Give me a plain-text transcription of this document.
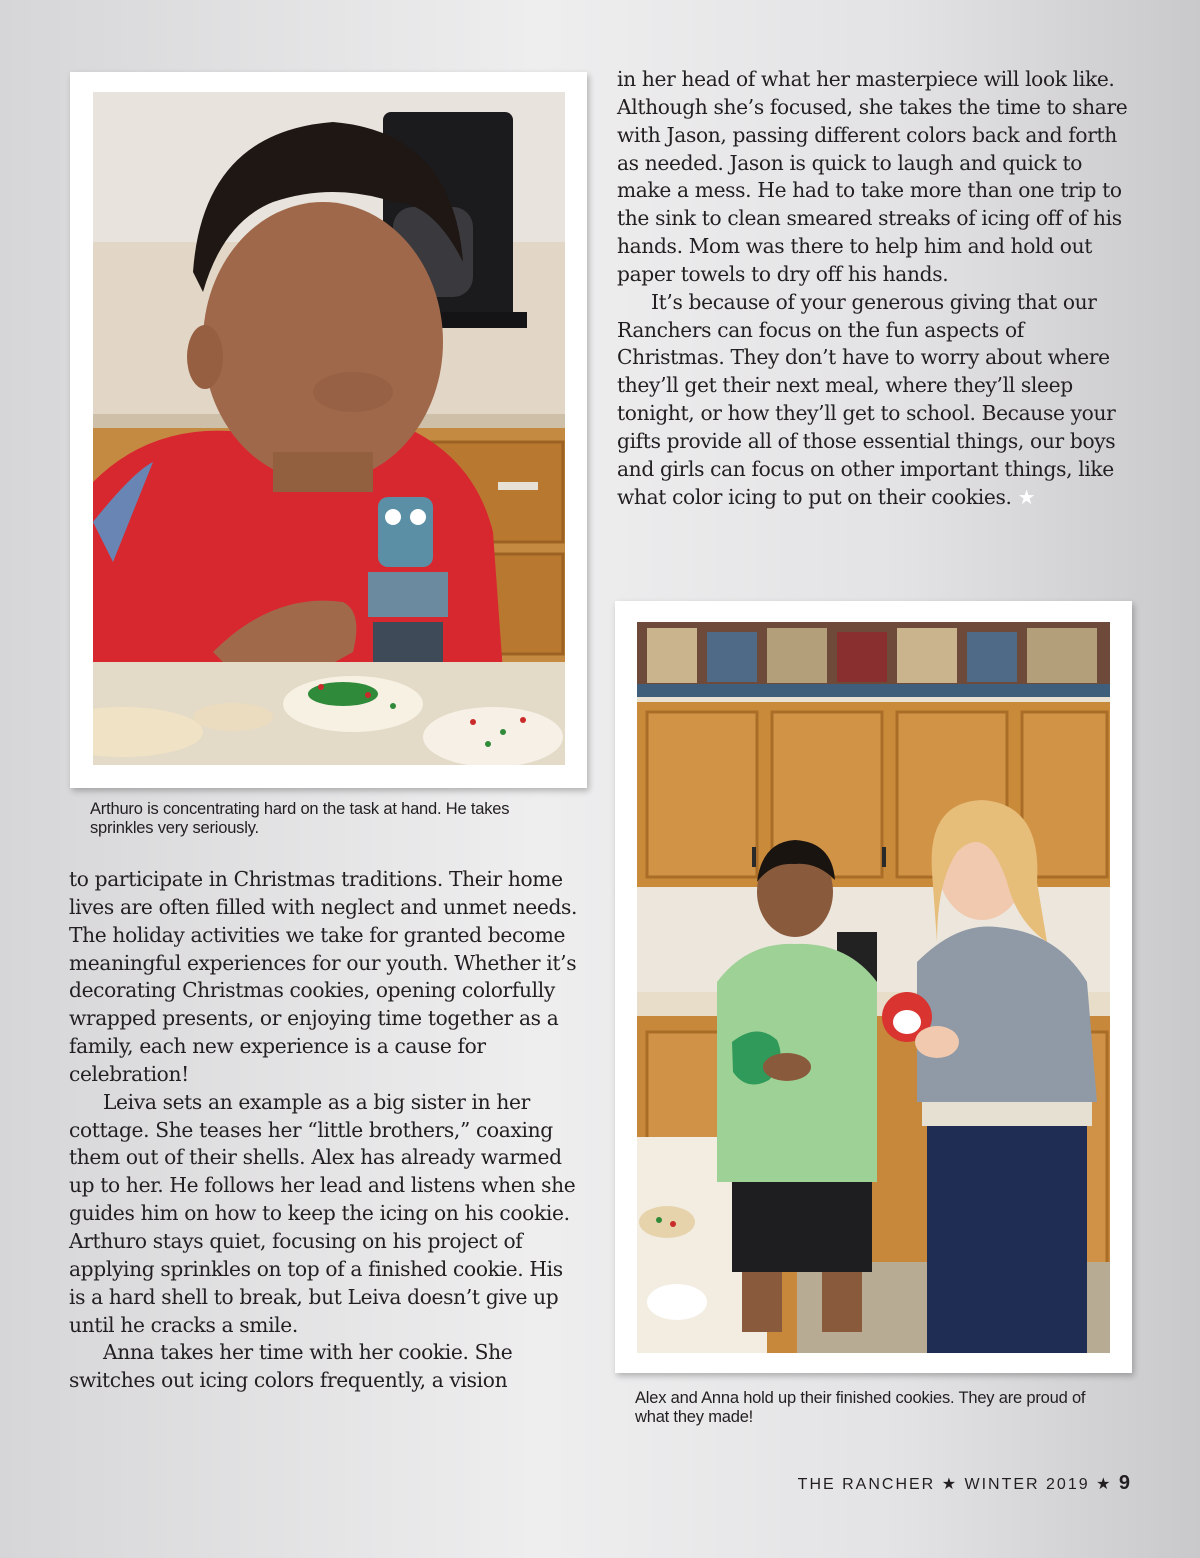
Arthuro is concentrating hard on the task at hand. He takes sprinkles very seriously.

to participate in Christmas traditions. Their home lives are often filled with neglect and unmet needs. The holiday activities we take for granted become meaningful experiences for our youth. Whether it’s decorating Christmas cookies, opening colorfully wrapped presents, or enjoying time together as a family, each new experience is a cause for celebration!

Leiva sets an example as a big sister in her cottage. She teases her “little brothers,” coaxing them out of their shells. Alex has already warmed up to her. He follows her lead and listens when she guides him on how to keep the icing on his cookie. Arthuro stays quiet, focusing on his project of applying sprinkles on top of a finished cookie. His is a hard shell to break, but Leiva doesn’t give up until he cracks a smile.

Anna takes her time with her cookie. She switches out icing colors frequently, a vision

in her head of what her masterpiece will look like. Although she’s focused, she takes the time to share with Jason, passing different colors back and forth as needed. Jason is quick to laugh and quick to make a mess. He had to take more than one trip to the sink to clean smeared streaks of icing off of his hands. Mom was there to help him and hold out paper towels to dry off his hands.

It’s because of your generous giving that our Ranchers can focus on the fun aspects of Christmas. They don’t have to worry about where they’ll get their next meal, where they’ll sleep tonight, or how they’ll get to school. Because your gifts provide all of those essential things, our boys and girls can focus on other important things, like what color icing to put on their cookies. ★

Alex and Anna hold up their finished cookies. They are proud of what they made!
THE RANCHER ★ WINTER 2019 ★ 9
